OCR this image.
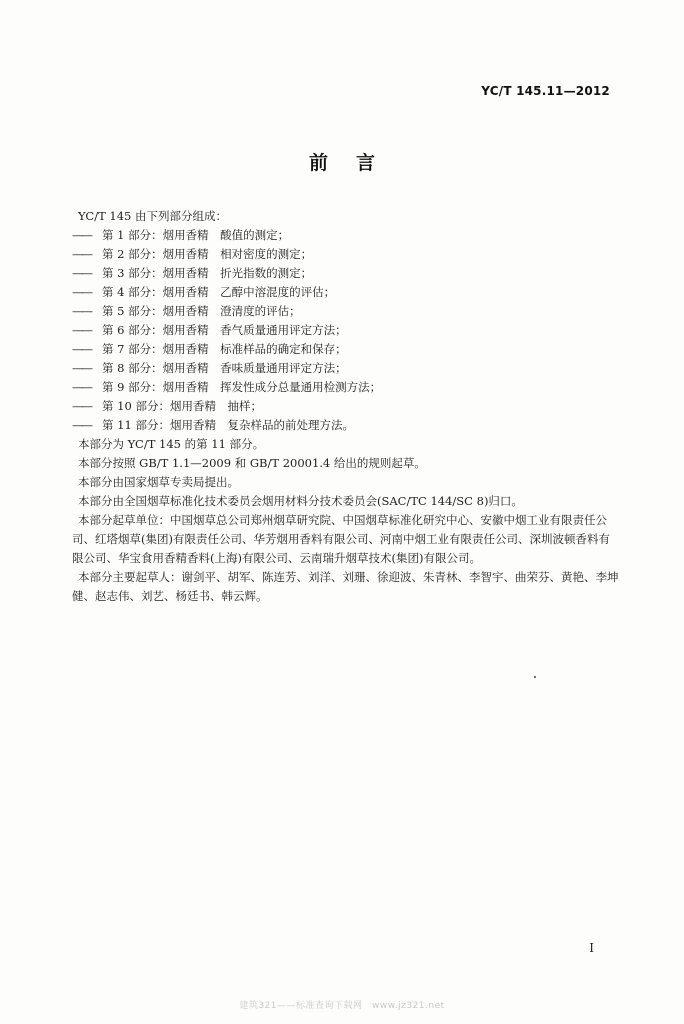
YC/T 145.11—2012
前言
YC/T 145 由下列部分组成：
—— 第 1 部分：烟用香精　酸值的测定；
—— 第 2 部分：烟用香精　相对密度的测定；
—— 第 3 部分：烟用香精　折光指数的测定；
—— 第 4 部分：烟用香精　乙醇中溶混度的评估；
—— 第 5 部分：烟用香精　澄清度的评估；
—— 第 6 部分：烟用香精　香气质量通用评定方法；
—— 第 7 部分：烟用香精　标准样品的确定和保存；
—— 第 8 部分：烟用香精　香味质量通用评定方法；
—— 第 9 部分：烟用香精　挥发性成分总量通用检测方法；
—— 第 10 部分：烟用香精　抽样；
—— 第 11 部分：烟用香精　复杂样品的前处理方法。
本部分为 YC/T 145 的第 11 部分。
本部分按照 GB/T 1.1—2009 和 GB/T 20001.4 给出的规则起草。
本部分由国家烟草专卖局提出。
本部分由全国烟草标准化技术委员会烟用材料分技术委员会(SAC/TC 144/SC 8)归口。
本部分起草单位：中国烟草总公司郑州烟草研究院、中国烟草标准化研究中心、安徽中烟工业有限责任公司、红塔烟草(集团)有限责任公司、华芳烟用香料有限公司、河南中烟工业有限责任公司、深圳波顿香料有限公司、华宝食用香精香料(上海)有限公司、云南瑞升烟草技术(集团)有限公司。
本部分主要起草人：谢剑平、胡军、陈连芳、刘洋、刘珊、徐迎波、朱青林、李智宇、曲荣芬、黄艳、李坤健、赵志伟、刘艺、杨廷书、韩云辉。
I
建筑321——标准查询下载网　www.jz321.net
